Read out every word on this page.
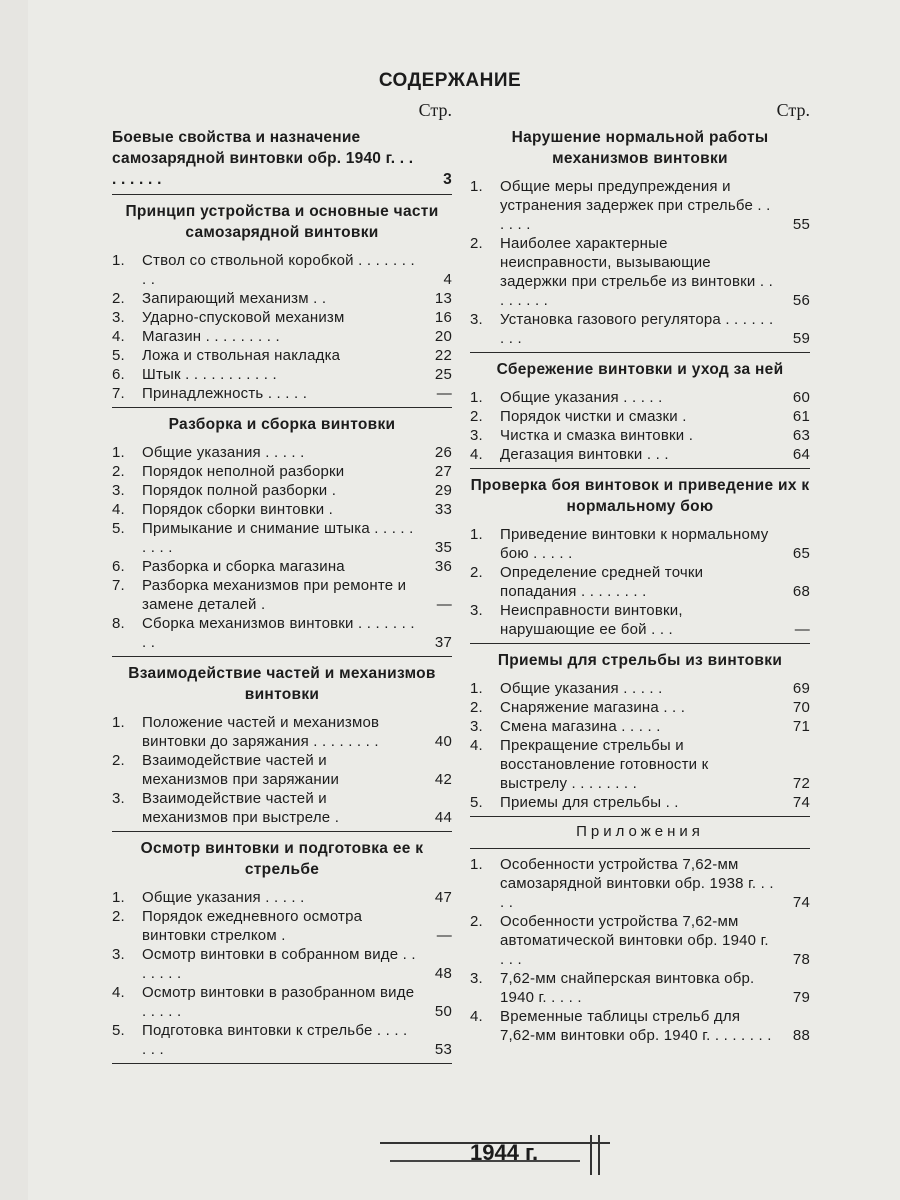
СОДЕРЖАНИЕ
Стр.
Боевые свойства и назначение самозарядной винтовки обр. 1940 г. . . . . . . . .	3
Принцип устройства и основные части самозарядной винтовки
1.	Ствол со ствольной коробкой . . . . . . . . .	4
2.	Запирающий механизм . .	13
3.	Ударно-спусковой механизм	16
4.	Магазин . . . . . . . . .	20
5.	Ложа и ствольная накладка	22
6.	Штык . . . . . . . . . . .	25
7.	Принадлежность . . . . .	—
Разборка и сборка винтовки
1.	Общие указания . . . . .	26
2.	Порядок неполной разборки	27
3.	Порядок полной разборки .	29
4.	Порядок сборки винтовки .	33
5.	Примыкание и снимание штыка . . . . . . . . .	35
6.	Разборка и сборка магазина	36
7.	Разборка механизмов при ремонте и замене деталей .	—
8.	Сборка механизмов винтовки . . . . . . . . .	37
Взаимодействие частей и механизмов винтовки
1.	Положение частей и механизмов винтовки до заряжания . . . . . . . .	40
2.	Взаимодействие частей и механизмов при заряжании	42
3.	Взаимодействие частей и механизмов при выстреле .	44
Осмотр винтовки и подготовка ее к стрельбе
1.	Общие указания . . . . .	47
2.	Порядок ежедневного осмотра винтовки стрелком .	—
3.	Осмотр винтовки в собранном виде . . . . . . .	48
4.	Осмотр винтовки в разобранном виде . . . . .	50
5.	Подготовка винтовки к стрельбе . . . . . . .	53
Стр.
Нарушение нормальной работы механизмов винтовки
1.	Общие меры предупреждения и устранения задержек при стрельбе . . . . . .	55
2.	Наиболее характерные неисправности, вызывающие задержки при стрельбе из винтовки . . . . . . . .	56
3.	Установка газового регулятора . . . . . . . . .	59
Сбережение винтовки и уход за ней
1.	Общие указания . . . . .	60
2.	Порядок чистки и смазки .	61
3.	Чистка и смазка винтовки .	63
4.	Дегазация винтовки . . .	64
Проверка боя винтовок и приведение их к нормальному бою
1.	Приведение винтовки к нормальному бою . . . . .	65
2.	Определение средней точки попадания . . . . . . . .	68
3.	Неисправности винтовки, нарушающие ее бой . . .	—
Приемы для стрельбы из винтовки
1.	Общие указания . . . . .	69
2.	Снаряжение магазина . . .	70
3.	Смена магазина . . . . .	71
4.	Прекращение стрельбы и восстановление готовности к выстрелу . . . . . . . .	72
5.	Приемы для стрельбы . .	74
Приложения
1.	Особенности устройства 7,62-мм самозарядной винтовки обр. 1938 г. . . . .	74
2.	Особенности устройства 7,62-мм автоматической винтовки обр. 1940 г. . . .	78
3.	7,62-мм снайперская винтовка обр. 1940 г. . . . .	79
4.	Временные таблицы стрельб для 7,62-мм винтовки обр. 1940 г. . . . . . . .	88
1944 г.
